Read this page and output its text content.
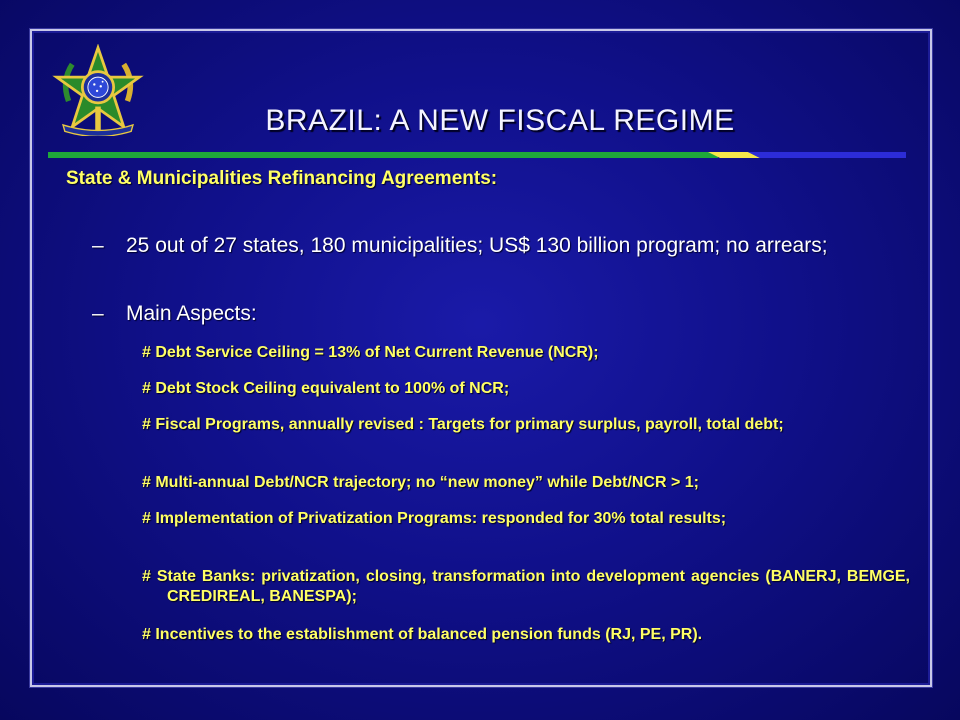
BRAZIL: A NEW FISCAL REGIME

State & Municipalities Refinancing Agreements:

–	25 out of 27 states, 180 municipalities; US$ 130 billion program; no arrears;
–	Main Aspects:
# Debt Service Ceiling = 13% of Net Current Revenue (NCR);
# Debt Stock Ceiling equivalent to 100% of NCR;
# Fiscal Programs, annually revised : Targets for primary surplus, payroll, total debt;
# Multi-annual Debt/NCR trajectory; no “new money” while Debt/NCR > 1;
# Implementation of Privatization Programs: responded for 30% total results;
# State Banks: privatization, closing, transformation into development agencies (BANERJ, BEMGE, CREDIREAL, BANESPA);
# Incentives to the establishment of balanced pension funds (RJ, PE, PR).
